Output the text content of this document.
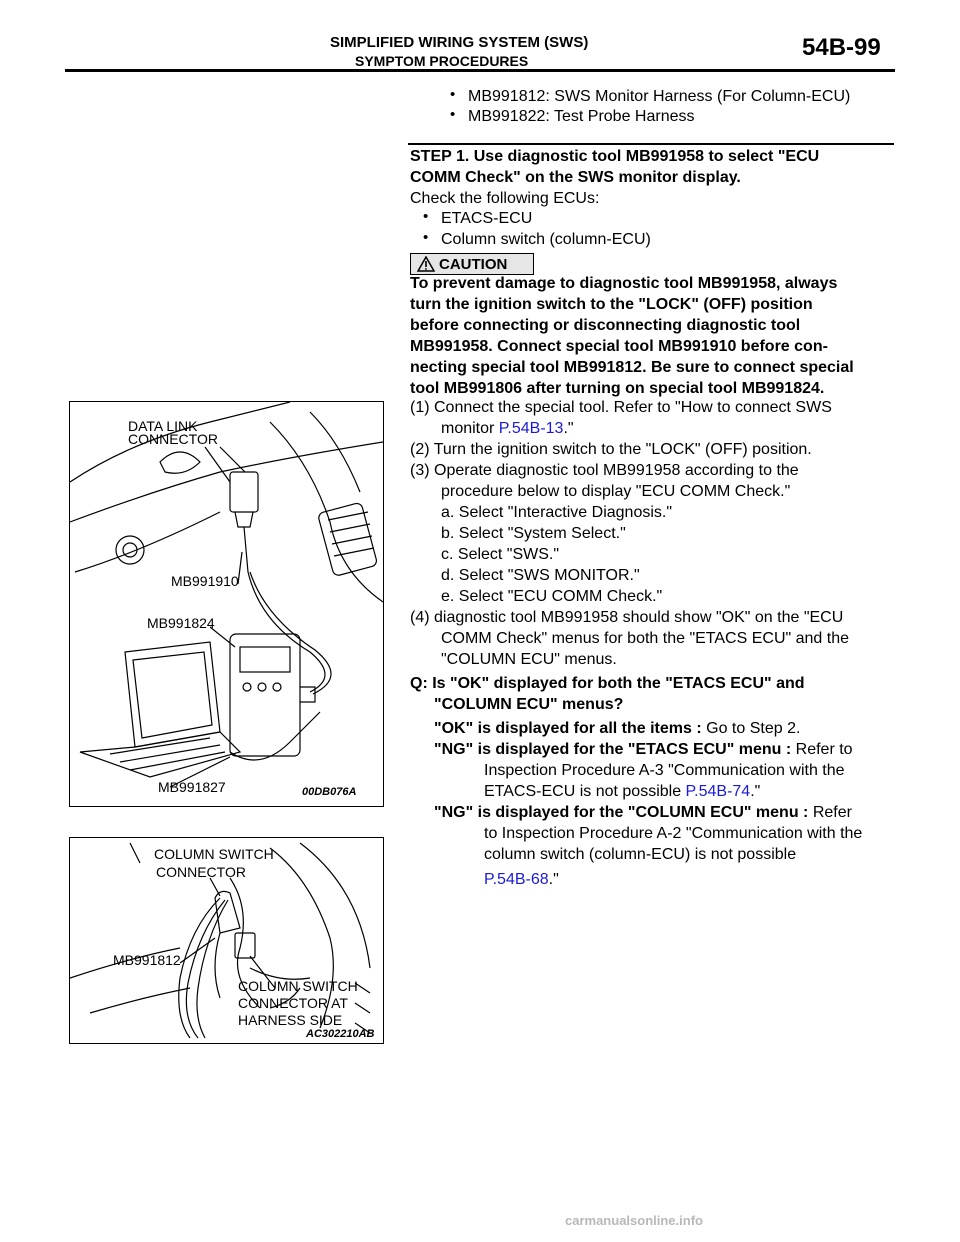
SIMPLIFIED WIRING SYSTEM (SWS)
SYMPTOM PROCEDURES	54B-99
• MB991812: SWS Monitor Harness (For Column-ECU)
• MB991822: Test Probe Harness
STEP 1. Use diagnostic tool MB991958 to select "ECU
COMM Check" on the SWS monitor display.
Check the following ECUs:
• ETACS-ECU
• Column switch (column-ECU)
CAUTION
To prevent damage to diagnostic tool MB991958, always
turn the ignition switch to the "LOCK" (OFF) position
before connecting or disconnecting diagnostic tool
MB991958. Connect special tool MB991910 before con-
necting special tool MB991812. Be sure to connect special
tool MB991806 after turning on special tool MB991824.
(1) Connect the special tool. Refer to "How to connect SWS
monitor P.54B-13."
(2) Turn the ignition switch to the "LOCK" (OFF) position.
(3) Operate diagnostic tool MB991958 according to the
procedure below to display "ECU COMM Check."
a. Select "Interactive Diagnosis."
b. Select "System Select."
c. Select "SWS."
d. Select "SWS MONITOR."
e. Select "ECU COMM Check."
(4) diagnostic tool MB991958 should show "OK" on the "ECU
COMM Check" menus for both the "ETACS ECU" and the
"COLUMN ECU" menus.
Q: Is "OK" displayed for both the "ETACS ECU" and
"COLUMN ECU" menus?
"OK" is displayed for all the items : Go to Step 2.
"NG" is displayed for the "ETACS ECU" menu : Refer to
Inspection Procedure A-3 "Communication with the
ETACS-ECU is not possible P.54B-74."
"NG" is displayed for the "COLUMN ECU" menu : Refer
to Inspection Procedure A-2 "Communication with the
column switch (column-ECU) is not possible
P.54B-68."
DATA LINK
CONNECTOR
MB991910
MB991824
MB991827	00DB076A
COLUMN SWITCH
CONNECTOR
MB991812
COLUMN SWITCH
CONNECTOR AT
HARNESS SIDE
AC302210AB
carmanualsonline.info
